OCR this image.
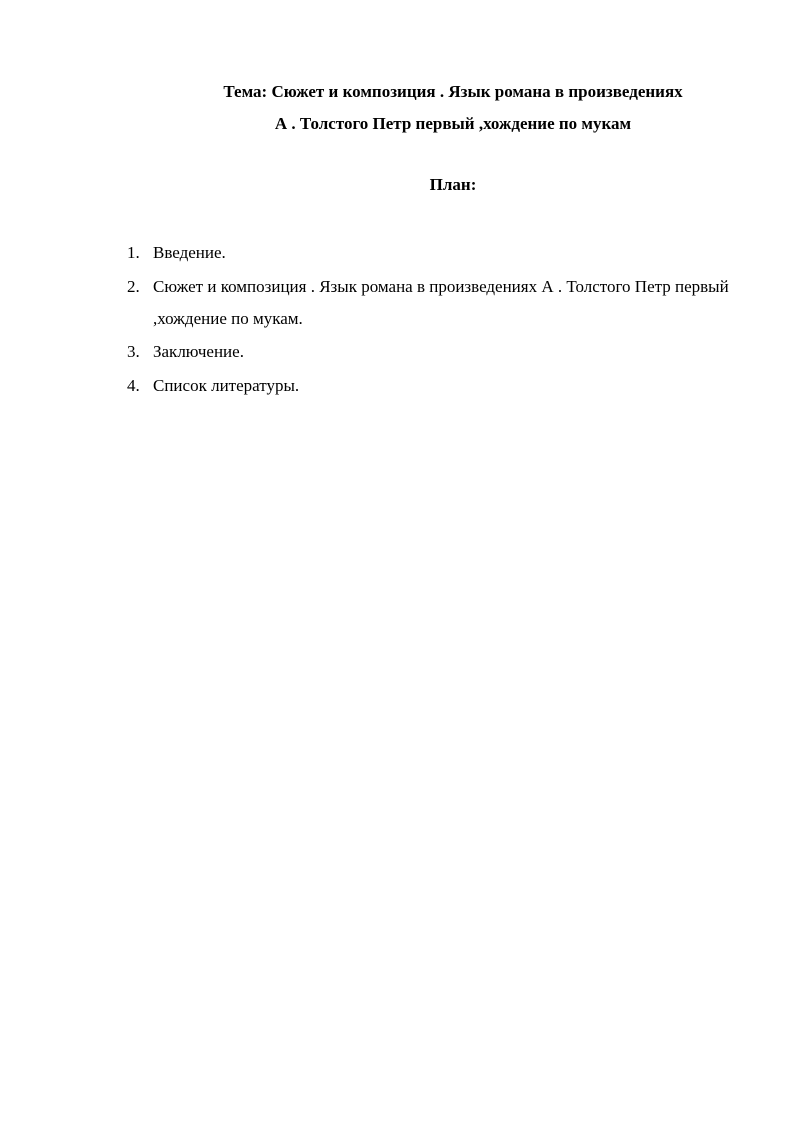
Тема: Сюжет и композиция . Язык романа в произведениях
А . Толстого Петр первый ,хождение по мукам
План:
1. Введение.
2. Сюжет и композиция . Язык романа в произведениях А . Толстого Петр первый ,хождение по мукам.
3. Заключение.
4. Список литературы.
